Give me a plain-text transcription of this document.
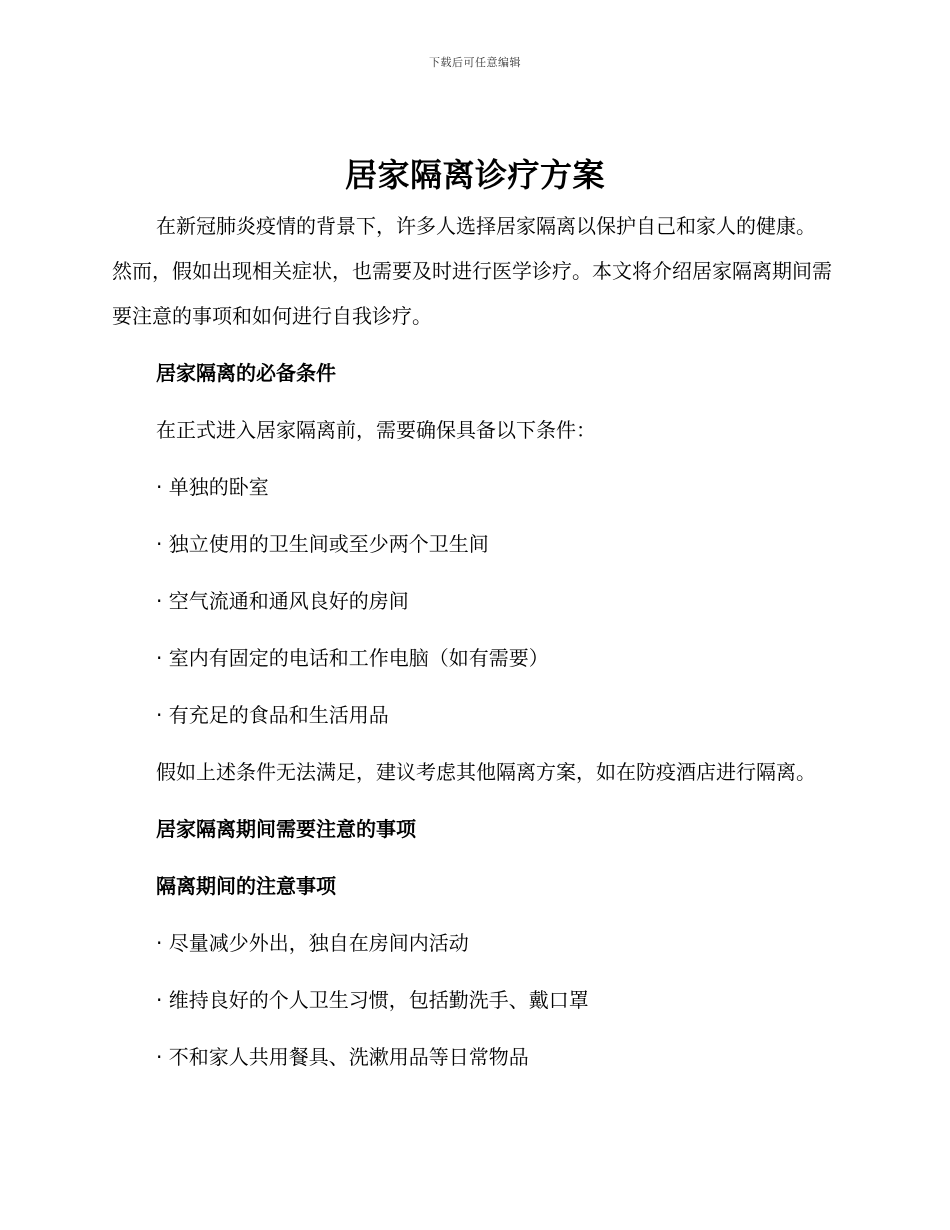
下载后可任意编辑
居家隔离诊疗方案

在新冠肺炎疫情的背景下，许多人选择居家隔离以保护自己和家人的健康。然而，假如出现相关症状，也需要及时进行医学诊疗。本文将介绍居家隔离期间需要注意的事项和如何进行自我诊疗。

居家隔离的必备条件

在正式进入居家隔离前，需要确保具备以下条件：

· 单独的卧室

· 独立使用的卫生间或至少两个卫生间

· 空气流通和通风良好的房间

· 室内有固定的电话和工作电脑（如有需要）

· 有充足的食品和生活用品

假如上述条件无法满足，建议考虑其他隔离方案，如在防疫酒店进行隔离。

居家隔离期间需要注意的事项

隔离期间的注意事项

· 尽量减少外出，独自在房间内活动

· 维持良好的个人卫生习惯，包括勤洗手、戴口罩

· 不和家人共用餐具、洗漱用品等日常物品
